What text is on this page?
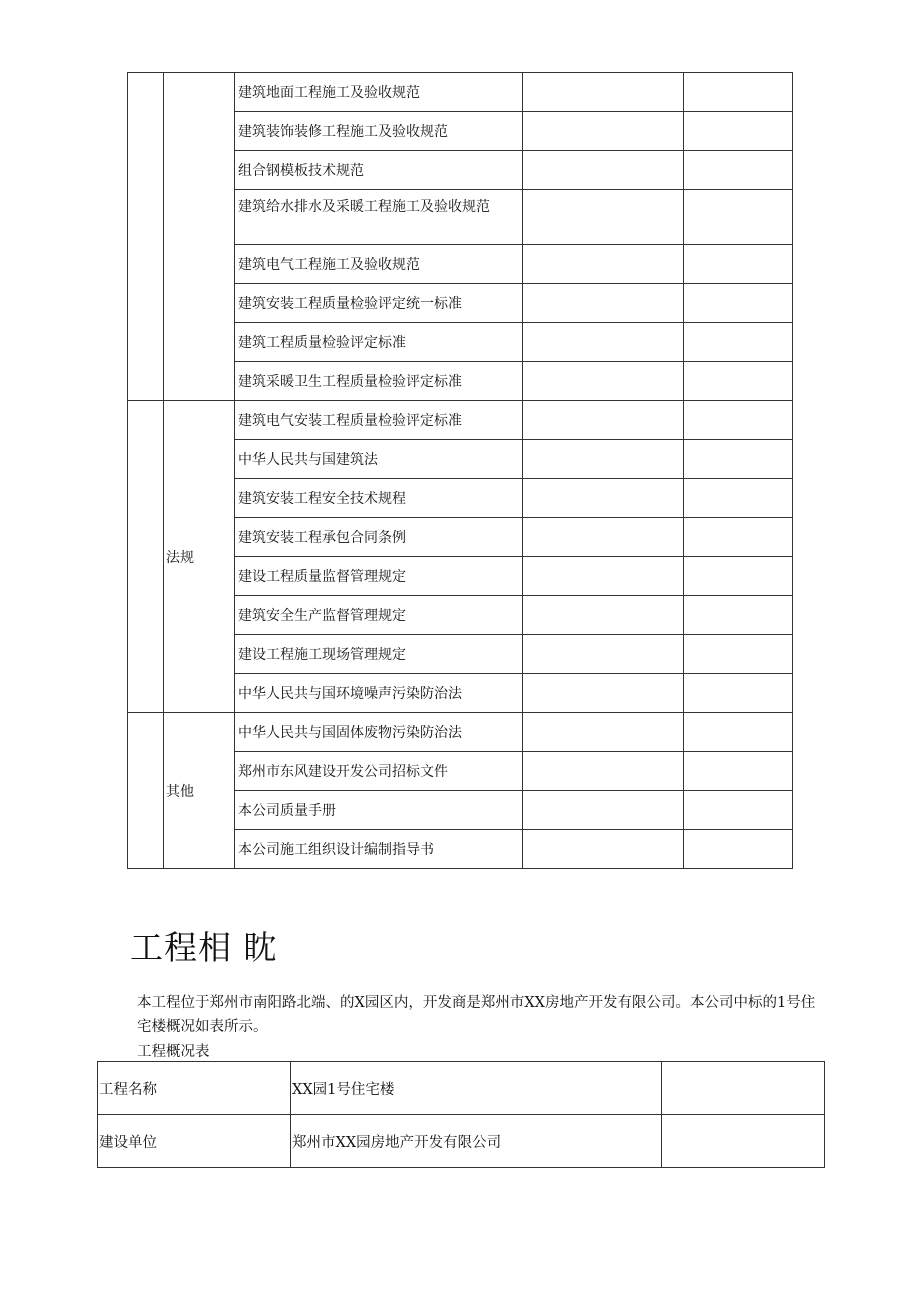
		建筑地面工程施工及验收规范		
		建筑装饰装修工程施工及验收规范		
		组合钢模板技术规范		
		建筑给水排水及采暖工程施工及验收规范		
		建筑电气工程施工及验收规范		
		建筑安装工程质量检验评定统一标准		
		建筑工程质量检验评定标准		
		建筑采暖卫生工程质量检验评定标准		
	法规	建筑电气安装工程质量检验评定标准		
		中华人民共与国建筑法		
		建筑安装工程安全技术规程		
		建筑安装工程承包合同条例		
		建设工程质量监督管理规定		
		建筑安全生产监督管理规定		
		建设工程施工现场管理规定		
		中华人民共与国环境噪声污染防治法		
	其他	中华人民共与国固体废物污染防治法		
		郑州市东风建设开发公司招标文件		
		本公司质量手册		
		本公司施工组织设计编制指导书		
工程相 眈

本工程位于郑州市南阳路北端、的X园区内，开发商是郑州市XX房地产开发有限公司。本公司中标的1号住宅楼概况如表所示。

工程概况表
工程名称	XX园1号住宅楼	
建设单位	郑州市XX园房地产开发有限公司	
